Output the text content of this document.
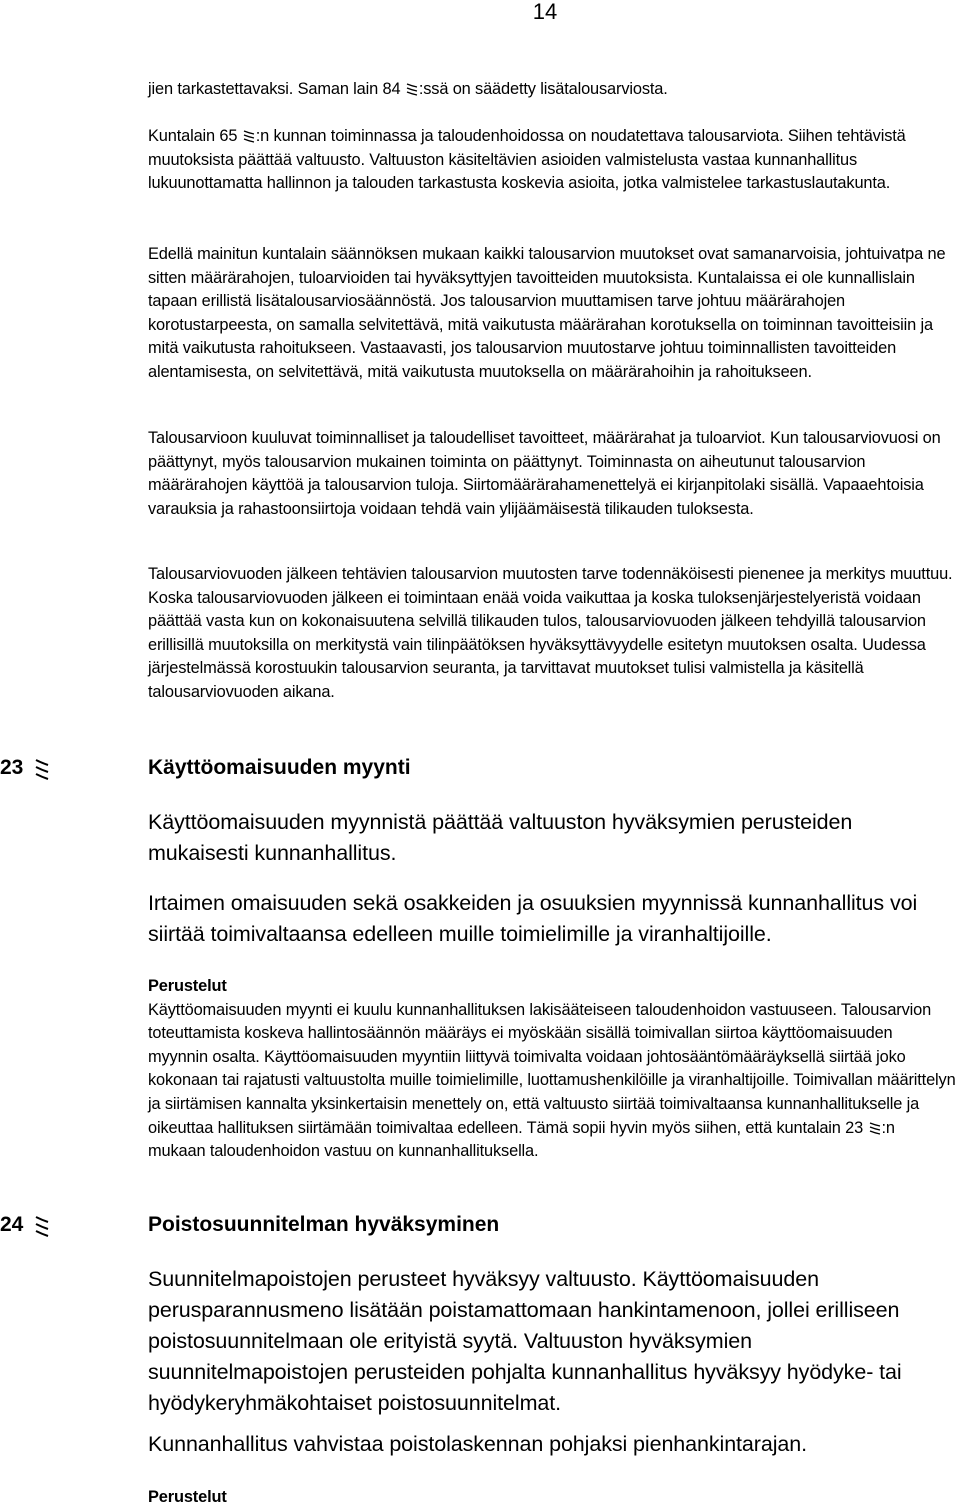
14

jien tarkastettavaksi. Saman lain 84 :ssä on säädetty lisätalousarviosta.

Kuntalain 65 :n kunnan toiminnassa ja taloudenhoidossa on noudatettava talousarviota. Siihen tehtävistä muutoksista päättää valtuusto. Valtuuston käsiteltävien asioiden valmistelusta vastaa kunnanhallitus lukuunottamatta hallinnon ja talouden tarkastusta koskevia asioita, jotka valmistelee tarkastuslautakunta.

Edellä mainitun kuntalain säännöksen mukaan kaikki talousarvion muutokset ovat samanarvoisia, johtuivatpa ne sitten määrärahojen, tuloarvioiden tai hyväksyttyjen tavoitteiden muutoksista. Kuntalaissa ei ole kunnallislain tapaan erillistä lisätalousarviosäännöstä. Jos talousarvion muuttamisen tarve johtuu määrärahojen korotustarpeesta, on samalla selvitettävä, mitä vaikutusta määrärahan korotuksella on toiminnan tavoitteisiin ja mitä vaikutusta rahoitukseen. Vastaavasti, jos talousarvion muutostarve johtuu toiminnallisten tavoitteiden alentamisesta, on selvitettävä, mitä vaikutusta muutoksella on määrärahoihin ja rahoitukseen.

Talousarvioon kuuluvat toiminnalliset ja taloudelliset tavoitteet, määrärahat ja tuloarviot. Kun talousarviovuosi on päättynyt, myös talousarvion mukainen toiminta on päättynyt. Toiminnasta on aiheutunut talousarvion määrärahojen käyttöä ja talousarvion tuloja. Siirtomäärärahamenettelyä ei kirjanpitolaki sisällä. Vapaaehtoisia varauksia ja rahastoonsiirtoja voidaan tehdä vain ylijäämäisestä tilikauden tuloksesta.

Talousarviovuoden jälkeen tehtävien talousarvion muutosten tarve todennäköisesti pienenee ja merkitys muuttuu. Koska talousarviovuoden jälkeen ei toimintaan enää voida vaikuttaa ja koska tuloksenjärjestelyeristä voidaan päättää vasta kun on kokonaisuutena selvillä tilikauden tulos, talousarviovuoden jälkeen tehdyillä talousarvion erillisillä muutoksilla on merkitystä vain tilinpäätöksen hyväksyttävyydelle esitetyn muutoksen osalta. Uudessa järjestelmässä korostuukin talousarvion seuranta, ja tarvittavat muutokset tulisi valmistella ja käsitellä talousarviovuoden aikana.

23	Käyttöomaisuuden myynti

Käyttöomaisuuden myynnistä päättää valtuuston hyväksymien perusteiden mukaisesti kunnanhallitus.

Irtaimen omaisuuden sekä osakkeiden ja osuuksien myynnissä kunnanhallitus voi siirtää toimivaltaansa edelleen muille toimielimille ja viranhaltijoille.

Perustelut
Käyttöomaisuuden myynti ei kuulu kunnanhallituksen lakisääteiseen taloudenhoidon vastuuseen. Talousarvion toteuttamista koskeva hallintosäännön määräys ei myöskään sisällä toimivallan siirtoa käyttöomaisuuden myynnin osalta. Käyttöomaisuuden myyntiin liittyvä toimivalta voidaan johtosääntömääräyksellä siirtää joko kokonaan tai rajatusti valtuustolta muille toimielimille, luottamushenkilöille ja viranhaltijoille. Toimivallan määrittelyn ja siirtämisen kannalta yksinkertaisin menettely on, että valtuusto siirtää toimivaltaansa kunnanhallitukselle ja oikeuttaa hallituksen siirtämään toimivaltaa edelleen. Tämä sopii hyvin myös siihen, että kuntalain 23 :n mukaan taloudenhoidon vastuu on kunnanhallituksella.

24	Poistosuunnitelman hyväksyminen

Suunnitelmapoistojen perusteet hyväksyy valtuusto. Käyttöomaisuuden perusparannusmeno lisätään poistamattomaan hankintamenoon, jollei erilliseen poistosuunnitelmaan ole erityistä syytä. Valtuuston hyväksymien suunnitelmapoistojen perusteiden pohjalta kunnanhallitus hyväksyy hyödyke- tai hyödykeryhmäkohtaiset poistosuunnitelmat.

Kunnanhallitus vahvistaa poistolaskennan pohjaksi pienhankintarajan.

Perustelut
